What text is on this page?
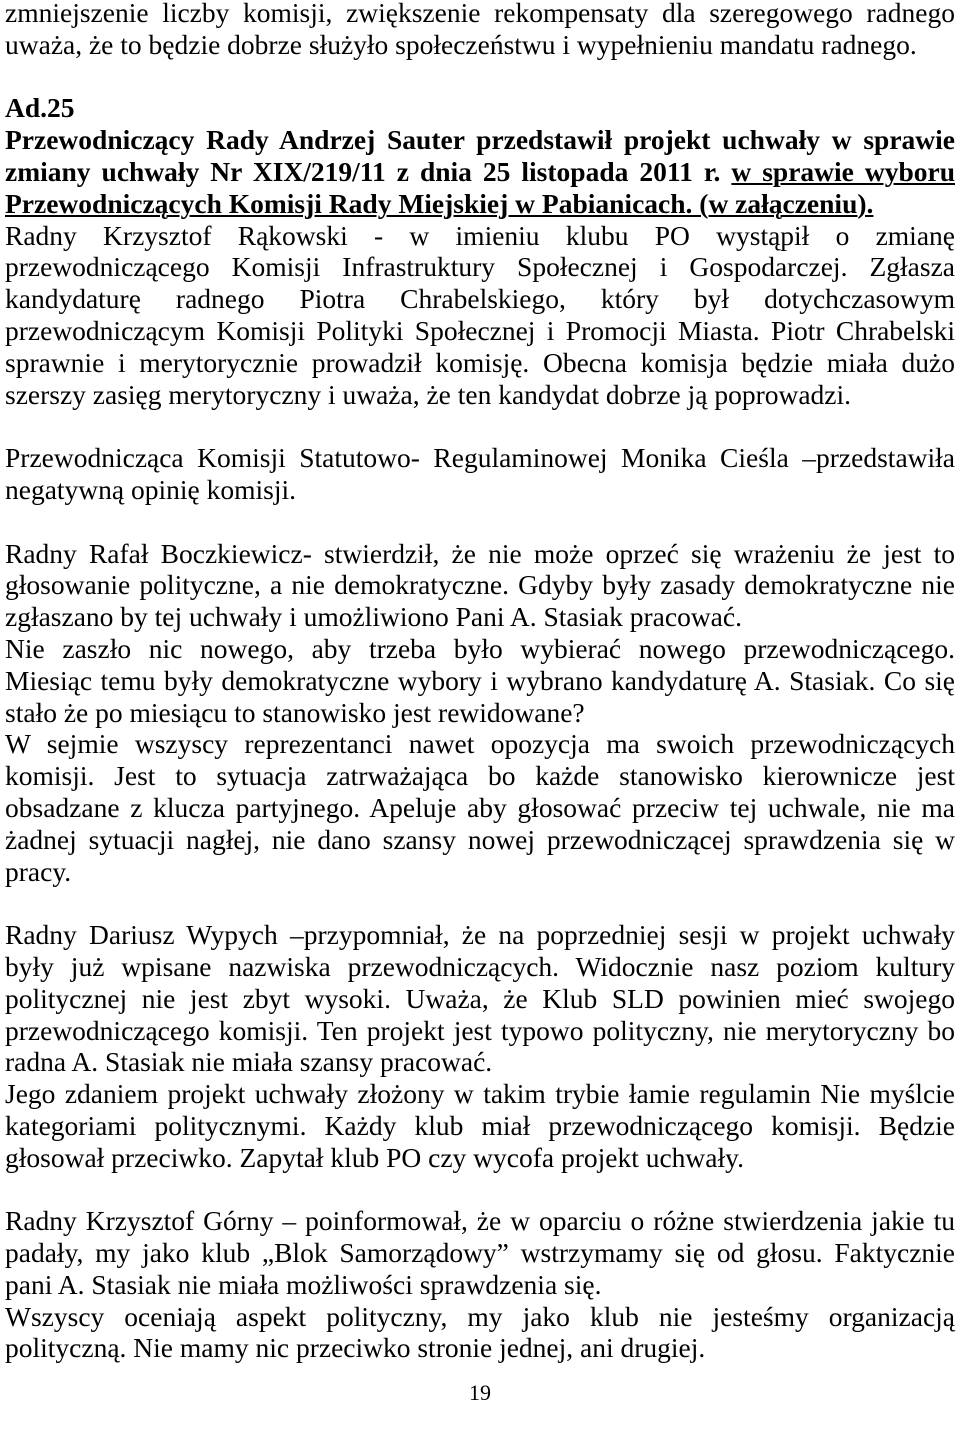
zmniejszenie liczby komisji, zwiększenie rekompensaty dla szeregowego radnego
uważa, że to będzie dobrze służyło społeczeństwu i wypełnieniu mandatu radnego.
Ad.25
Przewodniczący Rady Andrzej Sauter przedstawił projekt uchwały w sprawie
zmiany uchwały Nr XIX/219/11 z dnia 25 listopada 2011 r. w sprawie wyboru
Przewodniczących Komisji Rady Miejskiej w Pabianicach. (w załączeniu).
Radny Krzysztof Rąkowski - w imieniu klubu PO wystąpił o zmianę
przewodniczącego Komisji Infrastruktury Społecznej i Gospodarczej. Zgłasza
kandydaturę radnego Piotra Chrabelskiego, który był dotychczasowym
przewodniczącym Komisji Polityki Społecznej i Promocji Miasta. Piotr Chrabelski
sprawnie i merytorycznie prowadził komisję. Obecna komisja będzie miała dużo
szerszy zasięg merytoryczny i uważa, że ten kandydat dobrze ją poprowadzi.
Przewodnicząca Komisji Statutowo- Regulaminowej Monika Cieśla –przedstawiła
negatywną opinię komisji.
Radny Rafał Boczkiewicz- stwierdził, że nie może oprzeć się wrażeniu że jest to
głosowanie polityczne, a nie demokratyczne. Gdyby były zasady demokratyczne nie
zgłaszano by tej uchwały i umożliwiono Pani A. Stasiak pracować.
Nie zaszło nic nowego, aby trzeba było wybierać nowego przewodniczącego.
Miesiąc temu były demokratyczne wybory i wybrano kandydaturę A. Stasiak. Co się
stało że po miesiącu to stanowisko jest rewidowane?
W sejmie wszyscy reprezentanci nawet opozycja ma swoich przewodniczących
komisji. Jest to sytuacja zatrważająca bo każde stanowisko kierownicze jest
obsadzane z klucza partyjnego. Apeluje aby głosować przeciw tej uchwale, nie ma
żadnej sytuacji nagłej, nie dano szansy nowej przewodniczącej sprawdzenia się w
pracy.
Radny Dariusz Wypych –przypomniał, że na poprzedniej sesji w projekt uchwały
były już wpisane nazwiska przewodniczących. Widocznie nasz poziom kultury
politycznej nie jest zbyt wysoki. Uważa, że Klub SLD powinien mieć swojego
przewodniczącego komisji. Ten projekt jest typowo polityczny, nie merytoryczny bo
radna A. Stasiak nie miała szansy pracować.
Jego zdaniem projekt uchwały złożony w takim trybie łamie regulamin Nie myślcie
kategoriami politycznymi. Każdy klub miał przewodniczącego komisji. Będzie
głosował przeciwko. Zapytał klub PO czy wycofa projekt uchwały.
Radny Krzysztof Górny – poinformował, że w oparciu o różne stwierdzenia jakie tu
padały, my jako klub „Blok Samorządowy” wstrzymamy się od głosu. Faktycznie
pani A. Stasiak nie miała możliwości sprawdzenia się.
Wszyscy oceniają aspekt polityczny, my jako klub nie jesteśmy organizacją
polityczną. Nie mamy nic przeciwko stronie jednej, ani drugiej.
19
